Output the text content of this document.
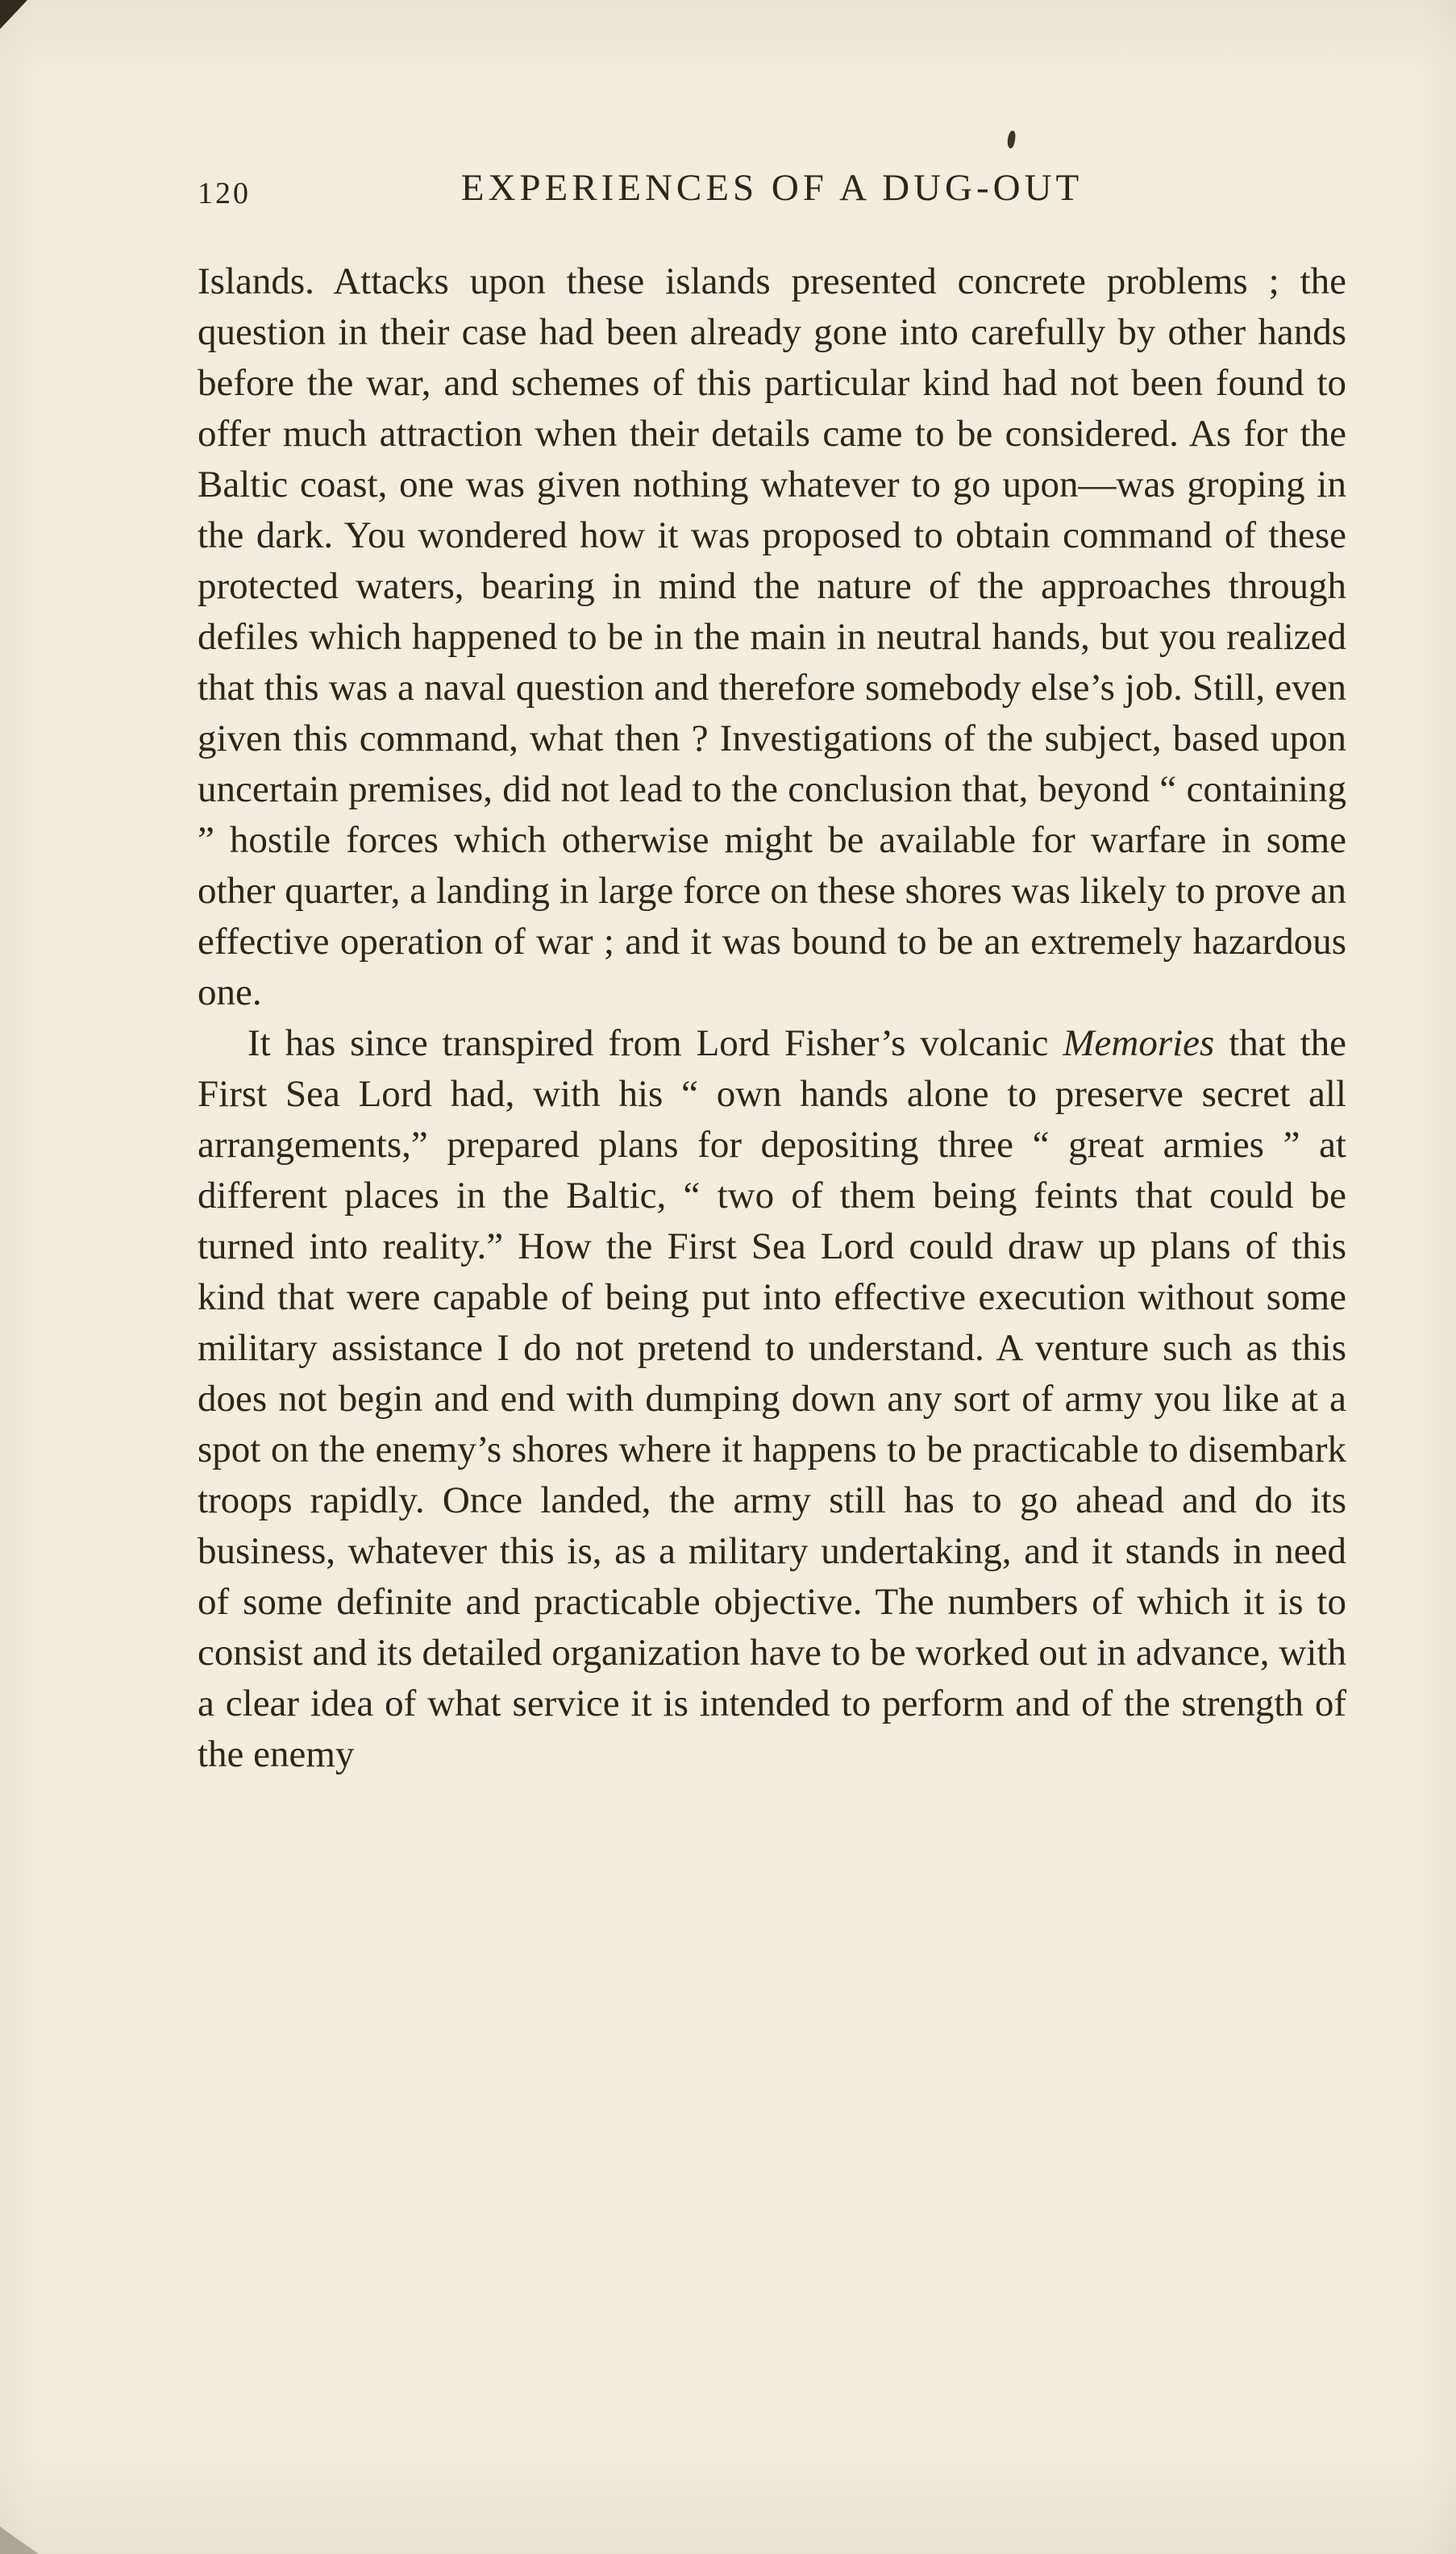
120	EXPERIENCES OF A DUG-OUT

Islands. Attacks upon these islands presented concrete problems ; the question in their case had been already gone into carefully by other hands before the war, and schemes of this particular kind had not been found to offer much attraction when their details came to be considered. As for the Baltic coast, one was given nothing whatever to go upon—was groping in the dark. You wondered how it was proposed to obtain command of these protected waters, bearing in mind the nature of the approaches through defiles which happened to be in the main in neutral hands, but you realized that this was a naval question and therefore somebody else’s job. Still, even given this command, what then ? Investigations of the subject, based upon uncertain premises, did not lead to the conclusion that, beyond “ containing ” hostile forces which otherwise might be available for warfare in some other quarter, a landing in large force on these shores was likely to prove an effective operation of war ; and it was bound to be an extremely hazardous one.

It has since transpired from Lord Fisher’s volcanic Memories that the First Sea Lord had, with his “ own hands alone to preserve secret all arrangements,” prepared plans for depositing three “ great armies ” at different places in the Baltic, “ two of them being feints that could be turned into reality.” How the First Sea Lord could draw up plans of this kind that were capable of being put into effective execution without some military assistance I do not pretend to understand. A venture such as this does not begin and end with dumping down any sort of army you like at a spot on the enemy’s shores where it happens to be practicable to disembark troops rapidly. Once landed, the army still has to go ahead and do its business, whatever this is, as a military undertaking, and it stands in need of some definite and practicable objective. The numbers of which it is to consist and its detailed organization have to be worked out in advance, with a clear idea of what service it is intended to perform and of the strength of the enemy
